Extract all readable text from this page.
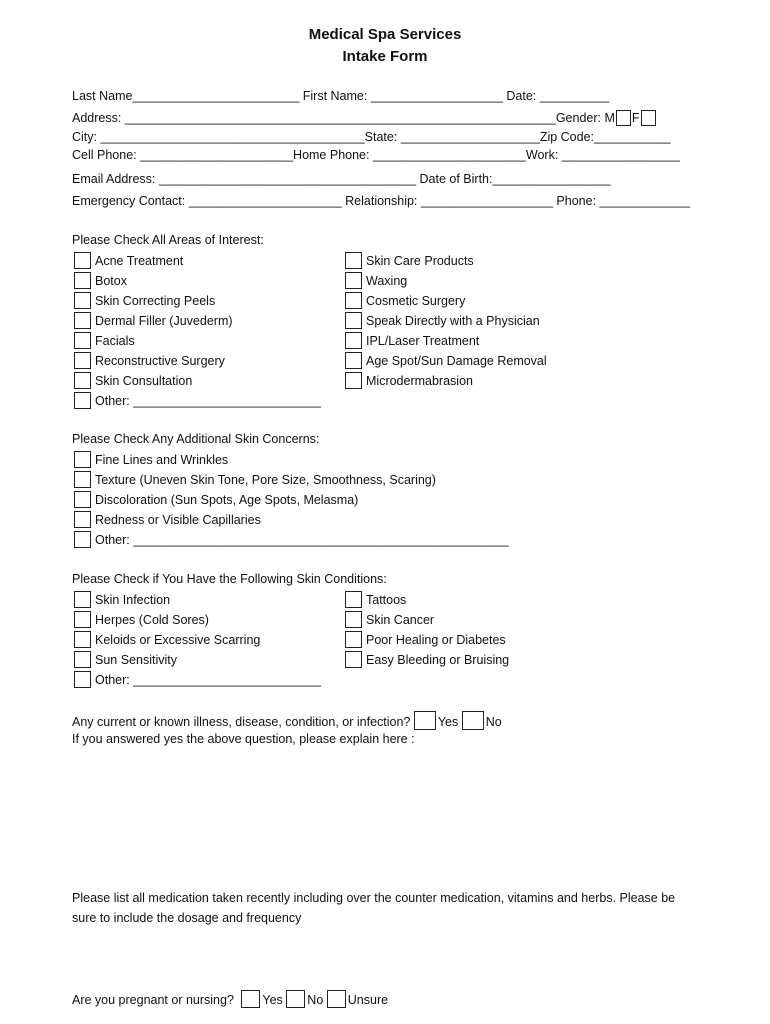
Medical Spa Services
Intake Form
Last Name________________________ First Name: ___________________ Date: __________
Address: ______________________________________________________________Gender: M F
City: ______________________________________State: ____________________Zip Code:___________
Cell Phone: ______________________Home Phone: ______________________Work: _________________
Email Address: _____________________________________ Date of Birth:_________________
Emergency Contact: ______________________ Relationship: ___________________ Phone: _____________
Please Check All Areas of Interest:
Acne Treatment
Botox
Skin Correcting Peels
Dermal Filler (Juvederm)
Facials
Reconstructive Surgery
Skin Consultation
Other: ___________________________
Skin Care Products
Waxing
Cosmetic Surgery
Speak Directly with a Physician
IPL/Laser Treatment
Age Spot/Sun Damage Removal
Microdermabrasion
Please Check Any Additional Skin Concerns:
Fine Lines and Wrinkles
Texture (Uneven Skin Tone, Pore Size, Smoothness, Scaring)
Discoloration (Sun Spots, Age Spots, Melasma)
Redness or Visible Capillaries
Other: ______________________________________________________
Please Check if You Have the Following Skin Conditions:
Skin Infection
Herpes (Cold Sores)
Keloids or Excessive Scarring
Sun Sensitivity
Other: ___________________________
Tattoos
Skin Cancer
Poor Healing or Diabetes
Easy Bleeding or Bruising
Any current or known illness, disease, condition, or infection? Yes No
If you answered yes the above question, please explain here :
Please list all medication taken recently including over the counter medication, vitamins and herbs. Please be
sure to include the dosage and frequency
Are you pregnant or nursing? Yes No Unsure
